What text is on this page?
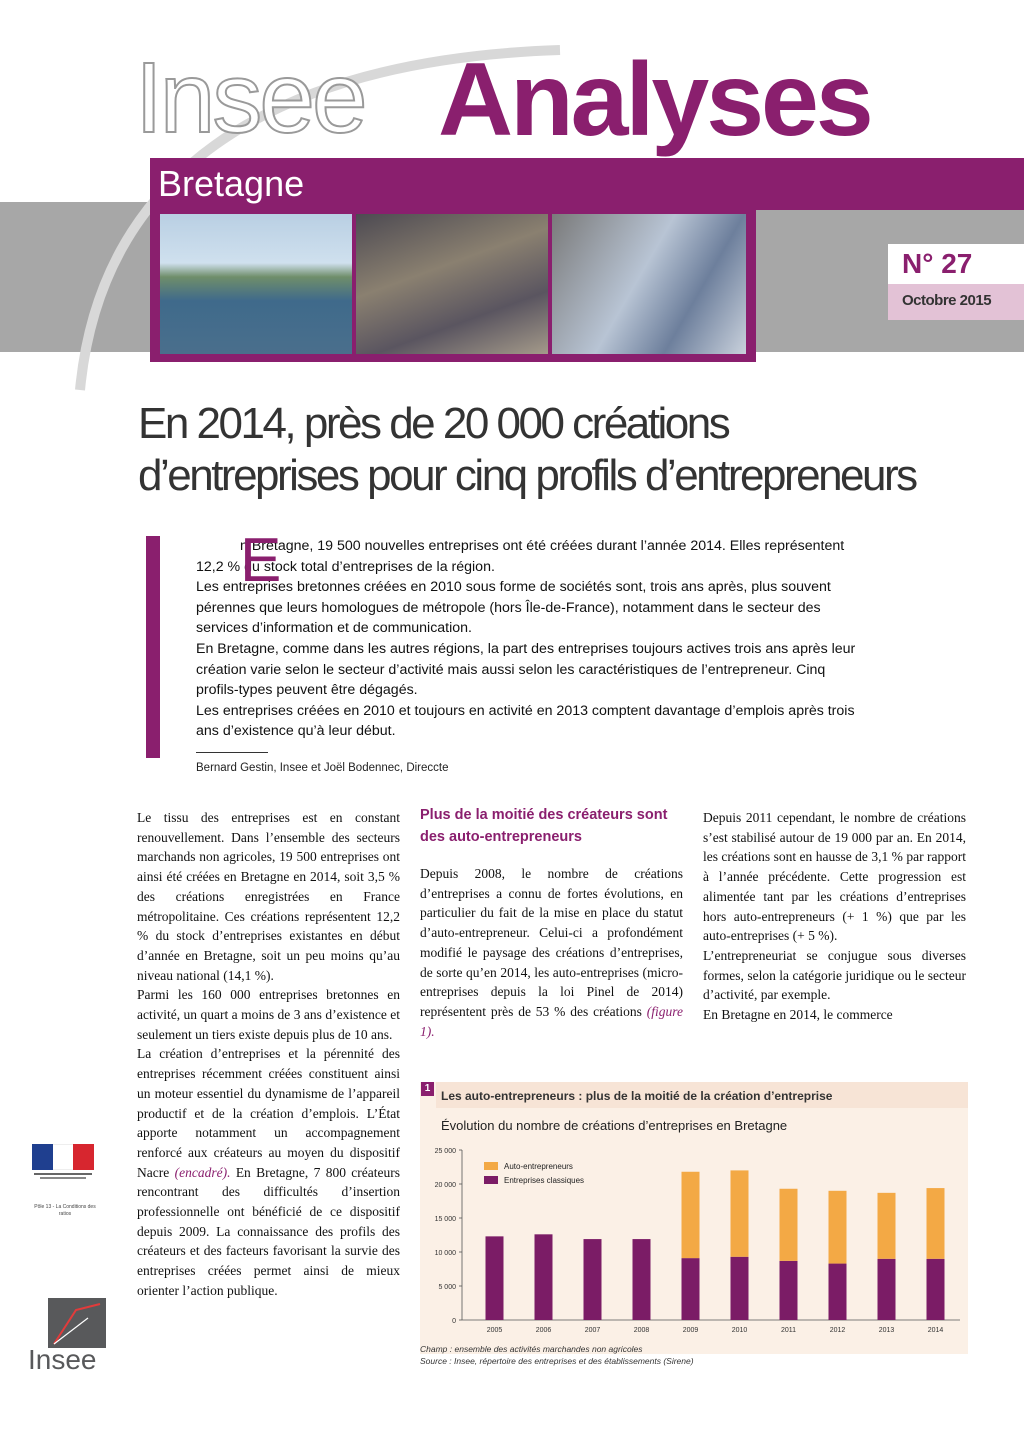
Insee Analyses
Bretagne
N° 27
Octobre 2015
En 2014, près de 20 000 créations d’entreprises pour cinq profils d’entrepreneurs

E
n Bretagne, 19 500 nouvelles entreprises ont été créées durant l’année 2014. Elles représentent 12,2 % du stock total d’entreprises de la région.

Les entreprises bretonnes créées en 2010 sous forme de sociétés sont, trois ans après, plus souvent pérennes que leurs homologues de métropole (hors Île-de-France), notamment dans le secteur des services d’information et de communication.

En Bretagne, comme dans les autres régions, la part des entreprises toujours actives trois ans après leur création varie selon le secteur d’activité mais aussi selon les caractéristiques de l’entrepreneur. Cinq profils-types peuvent être dégagés.

Les entreprises créées en 2010 et toujours en activité en 2013 comptent davantage d’emplois après trois ans d’existence qu’à leur début.

Bernard Gestin, Insee et Joël Bodennec, Direccte

Le tissu des entreprises est en constant renouvellement. Dans l’ensemble des secteurs marchands non agricoles, 19 500 entreprises ont ainsi été créées en Bretagne en 2014, soit 3,5 % des créations enregistrées en France métropolitaine. Ces créations représentent 12,2 % du stock d’entreprises existantes en début d’année en Bretagne, soit un peu moins qu’au niveau national (14,1 %).

Parmi les 160 000 entreprises bretonnes en activité, un quart a moins de 3 ans d’existence et seulement un tiers existe depuis plus de 10 ans.

La création d’entreprises et la pérennité des entreprises récemment créées constituent ainsi un moteur essentiel du dynamisme de l’appareil productif et de la création d’emplois. L’État apporte notamment un accompagnement renforcé aux créateurs au moyen du dispositif Nacre (encadré). En Bretagne, 7 800 créateurs rencontrant des difficultés d’insertion professionnelle ont bénéficié de ce dispositif depuis 2009. La connaissance des profils des créateurs et des facteurs favorisant la survie des entreprises créées permet ainsi de mieux orienter l’action publique.

Plus de la moitié des créateurs sont des auto-entrepreneurs

Depuis 2008, le nombre de créations d’entreprises a connu de fortes évolutions, en particulier du fait de la mise en place du statut d’auto-entrepreneur. Celui-ci a profondément modifié le paysage des créations d’entreprises, de sorte qu’en 2014, les auto-entreprises (micro-entreprises depuis la loi Pinel de 2014) représentent près de 53 % des créations (figure 1).

Depuis 2011 cependant, le nombre de créations s’est stabilisé autour de 19 000 par an. En 2014, les créations sont en hausse de 3,1 % par rapport à l’année précédente. Cette progression est alimentée tant par les créations d’entreprises hors auto-entrepreneurs (+ 1 %) que par les auto-entreprises (+ 5 %).

L’entrepreneuriat se conjugue sous diverses formes, selon la catégorie juridique ou le secteur d’activité, par exemple.

En Bretagne en 2014, le commerce

Pôle 13 - La Conditions des ratios
Insee
1
Les auto-entrepreneurs : plus de la moitié de la création d’entreprise
Évolution du nombre de créations d’entreprises en Bretagne
0
5 000
10 000
15 000
20 000
25 000
2005	2006	2007	2008	2009	2010	2011	2012	2013	2014
Auto-entrepreneurs
Entreprises classiques
Champ : ensemble des activités marchandes non agricoles
Source : Insee, répertoire des entreprises et des établissements (Sirene)
